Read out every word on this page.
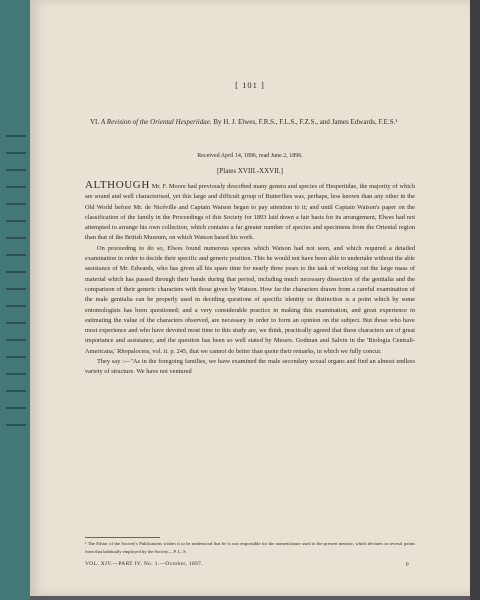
[ 101 ]
VI. A Revision of the Oriental Hesperiidae. By H. J. Elwes, F.R.S., F.L.S., F.Z.S., and James Edwards, F.E.S.¹
Received April 14, 1896, read June 2, 1896.
[Plates XVIII.-XXVII.]

ALTHOUGH Mr. F. Moore had previously described many genera and species of Hesperiidae, the majority of which are sound and well characterised, yet this large and difficult group of Butterflies was, perhaps, less known than any other in the Old World before Mr. de Nicéville and Captain Watson began to pay attention to it; and until Captain Watson's paper on the classification of the family in the Proceedings of this Society for 1893 laid down a fair basis for its arrangement, Elwes had not attempted to arrange his own collection, which contains a far greater number of species and specimens from the Oriental region than that of the British Museum, on which Watson based his work.

On proceeding to do so, Elwes found numerous species which Watson had not seen, and which required a detailed examination in order to decide their specific and generic position. This he would not have been able to undertake without the able assistance of Mr. Edwards, who has given all his spare time for nearly three years to the task of working out the large mass of material which has passed through their hands during that period, including much necessary dissection of the genitalia and the comparison of their generic characters with those given by Watson. How far the characters drawn from a careful examination of the male genitalia can be properly used in deciding questions of specific identity or distinction is a point which by some entomologists has been questioned; and a very considerable practice in making this examination, and great experience in estimating the value of the characters observed, are necessary in order to form an opinion on the subject. But those who have most experience and who have devoted most time to this study are, we think, practically agreed that these characters are of great importance and assistance, and the question has been so well stated by Messrs. Godman and Salvin in the 'Biologia Centrali-Americana,' Rhopalocera, vol. ii. p. 245, that we cannot do better than quote their remarks, in which we fully concur.

They say :—"As in the foregoing families, we have examined the male secondary sexual organs and find an almost endless variety of structure. We have not ventured

¹ The Editor of the Society's Publications wishes it to be understood that he is not responsible for the nomenclature used in the present memoir, which deviates in several points from that habitually employed by the Society.—P. L. S.
VOL. XIV.—PART IV. No. 1.—October, 1897.	P
